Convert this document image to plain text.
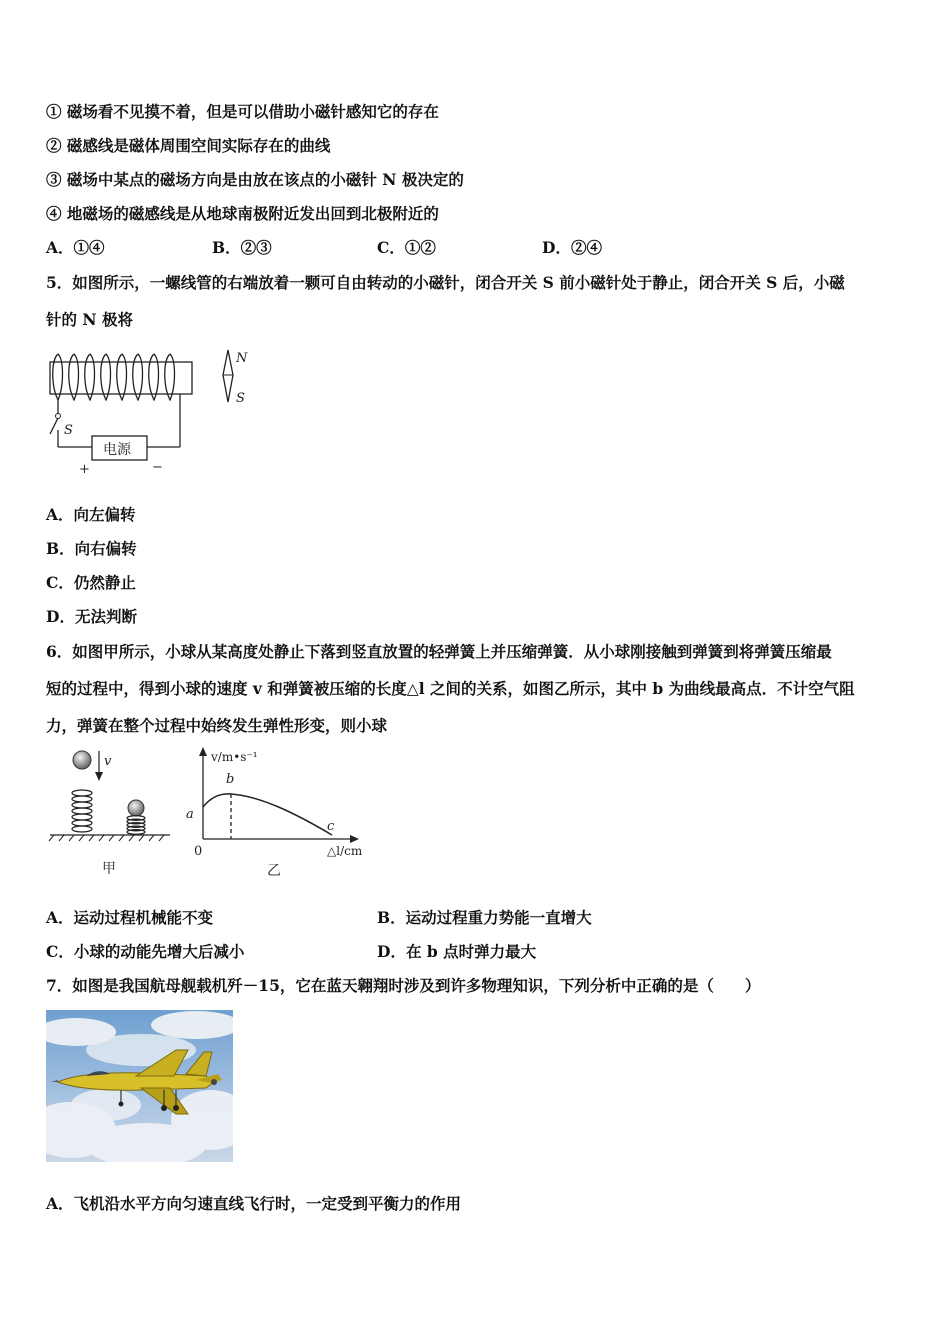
① 磁场看不见摸不着，但是可以借助小磁针感知它的存在
② 磁感线是磁体周围空间实际存在的曲线
③ 磁场中某点的磁场方向是由放在该点的小磁针 N 极决定的
④ 地磁场的磁感线是从地球南极附近发出回到北极附近的
A．①④	B．②③	C．①②	D．②④
5．如图所示，一螺线管的右端放着一颗可自由转动的小磁针，闭合开关 S 前小磁针处于静止，闭合开关 S 后，小磁
针的 N 极将
S
电源
+	−
N
S
A．向左偏转
B．向右偏转
C．仍然静止
D．无法判断
6．如图甲所示，小球从某高度处静止下落到竖直放置的轻弹簧上并压缩弹簧．从小球刚接触到弹簧到将弹簧压缩最
短的过程中，得到小球的速度 v 和弹簧被压缩的长度△l 之间的关系，如图乙所示，其中 b 为曲线最高点．不计空气阻
力，弹簧在整个过程中始终发生弹性形变，则小球
v
甲
v/m•s⁻¹
b
a
c
0	△l/cm
乙
A．运动过程机械能不变	B．运动过程重力势能一直增大
C．小球的动能先增大后减小	D．在 b 点时弹力最大
7．如图是我国航母舰载机歼－15，它在蓝天翱翔时涉及到许多物理知识，下列分析中正确的是（　　）
A．飞机沿水平方向匀速直线飞行时，一定受到平衡力的作用
